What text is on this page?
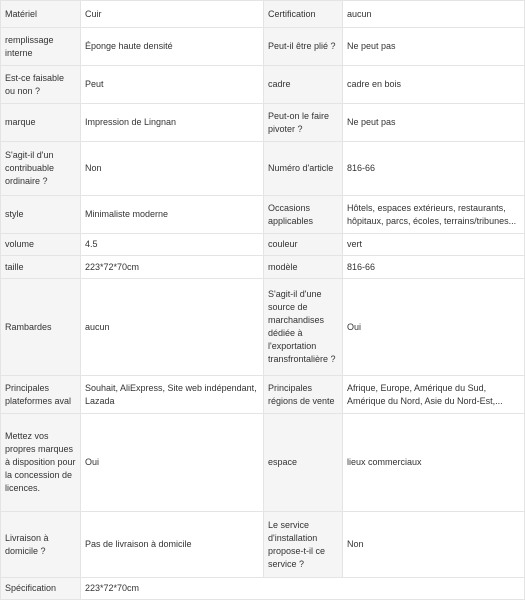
Matériel	Cuir	Certification	aucun
remplissage interne	Éponge haute densité	Peut-il être plié ?	Ne peut pas
Est-ce faisable ou non ?	Peut	cadre	cadre en bois
marque	Impression de Lingnan	Peut-on le faire pivoter ?	Ne peut pas
S'agit-il d'un contribuable ordinaire ?	Non	Numéro d'article	816-66
style	Minimaliste moderne	Occasions applicables	Hôtels, espaces extérieurs, restaurants, hôpitaux, parcs, écoles, terrains/tribunes...
volume	4.5	couleur	vert
taille	223*72*70cm	modèle	816-66
Rambardes	aucun	S'agit-il d'une source de marchandises dédiée à l'exportation transfrontalière ?	Oui
Principales plateformes aval	Souhait, AliExpress, Site web indépendant, Lazada	Principales régions de vente	Afrique, Europe, Amérique du Sud, Amérique du Nord, Asie du Nord-Est,...
Mettez vos propres marques à disposition pour la concession de licences.	Oui	espace	lieux commerciaux
Livraison à domicile ?	Pas de livraison à domicile	Le service d'installation propose-t-il ce service ?	Non
Spécification	223*72*70cm		
